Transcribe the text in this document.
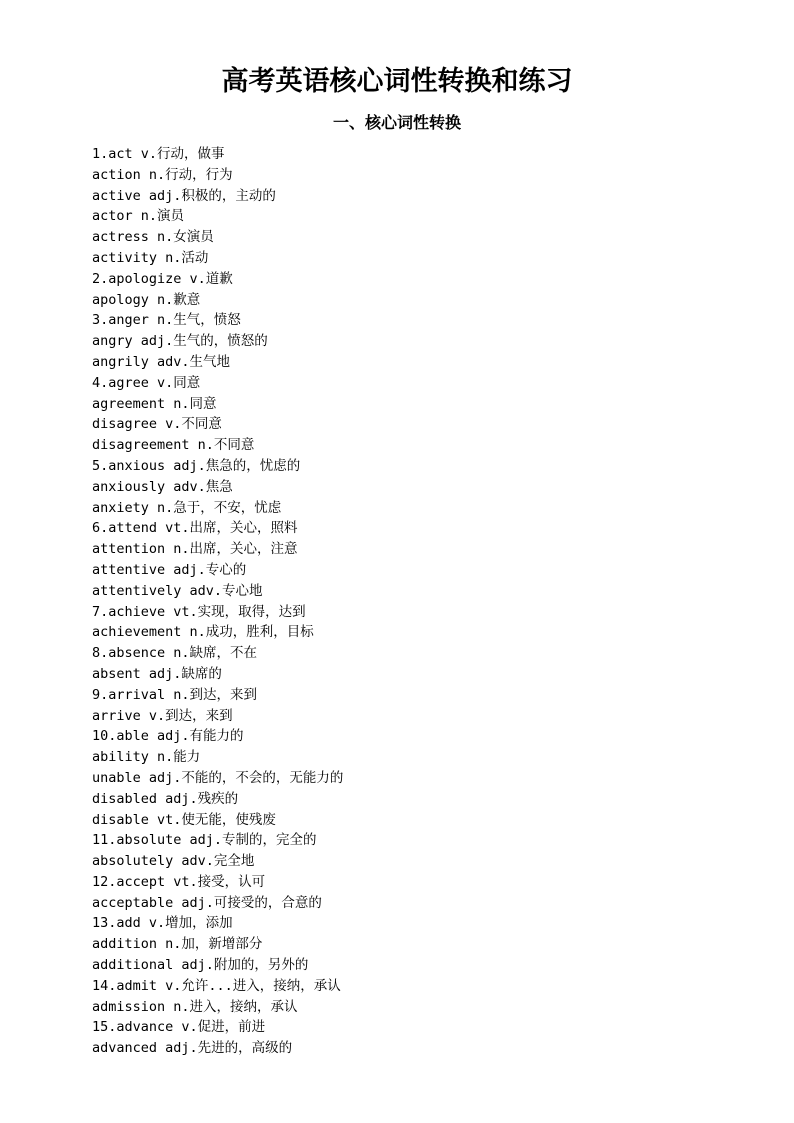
高考英语核心词性转换和练习
一、核心词性转换
1.act v.行动，做事
action n.行动，行为
active adj.积极的，主动的
actor n.演员
actress n.女演员
activity n.活动
2.apologize v.道歉
apology n.歉意
3.anger n.生气，愤怒
angry adj.生气的，愤怒的
angrily adv.生气地
4.agree v.同意
agreement n.同意
disagree v.不同意
disagreement n.不同意
5.anxious adj.焦急的，忧虑的
anxiously adv.焦急
anxiety n.急于，不安，忧虑
6.attend vt.出席，关心，照料
attention n.出席，关心，注意
attentive adj.专心的
attentively adv.专心地
7.achieve vt.实现，取得，达到
achievement n.成功，胜利，目标
8.absence n.缺席，不在
absent adj.缺席的
9.arrival n.到达，来到
arrive v.到达，来到
10.able adj.有能力的
ability n.能力
unable adj.不能的，不会的，无能力的
disabled adj.残疾的
disable vt.使无能，使残废
11.absolute adj.专制的，完全的
absolutely adv.完全地
12.accept vt.接受，认可
acceptable adj.可接受的，合意的
13.add v.增加，添加
addition n.加，新增部分
additional adj.附加的，另外的
14.admit v.允许...进入，接纳，承认
admission n.进入，接纳，承认
15.advance v.促进，前进
advanced adj.先进的，高级的
